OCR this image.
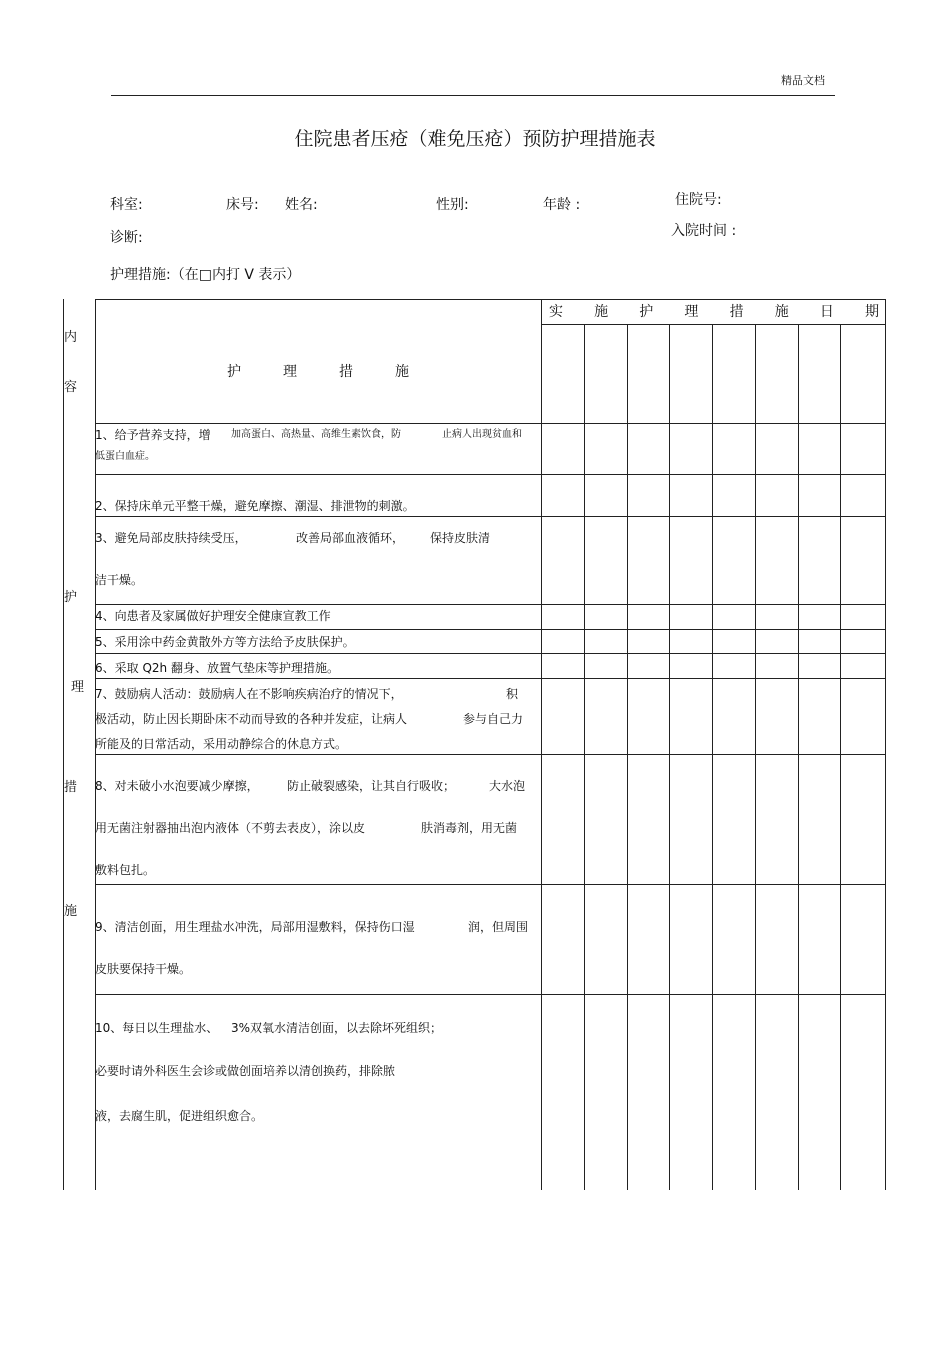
精品文档
住院患者压疮（难免压疮）预防护理措施表
科室:	床号: 姓名:	性别:	年龄 :	住院号:
诊断:	入院时间 :
护理措施:（在□内打 V 表示）
内
容
护　　　理　　　措　　　施
实 施 护 理 措 施 日 期
护
理
措
施
1、给予营养支持，增 加高蛋白、高热量、高维生素饮食，防	止病人出现贫血和
低蛋白血症。
2、保持床单元平整干燥，避免摩擦、潮湿、排泄物的刺激。
3、避免局部皮肤持续受压，	改善局部血液循环， 保持皮肤清
洁干燥。
4、向患者及家属做好护理安全健康宣教工作
5、采用涂中药金黄散外方等方法给予皮肤保护。
6、采取 Q2h 翻身、放置气垫床等护理措施。
7、鼓励病人活动：鼓励病人在不影响疾病治疗的情况下，	积
极活动，防止因长期卧床不动而导致的各种并发症，让病人	参与自己力
所能及的日常活动，采用动静综合的休息方式。
8、对未破小水泡要减少摩擦， 防止破裂感染，让其自行吸收；	大水泡
用无菌注射器抽出泡内液体（不剪去表皮），涂以皮	肤消毒剂，用无菌
敷料包扎。
9、清洁创面，用生理盐水冲洗，局部用湿敷料，保持伤口湿	润，但周围
皮肤要保持干燥。
10、每日以生理盐水、 3%双氧水清洁创面，以去除坏死组织；
必要时请外科医生会诊或做创面培养以清创换药，排除脓
液，去腐生肌，促进组织愈合。
